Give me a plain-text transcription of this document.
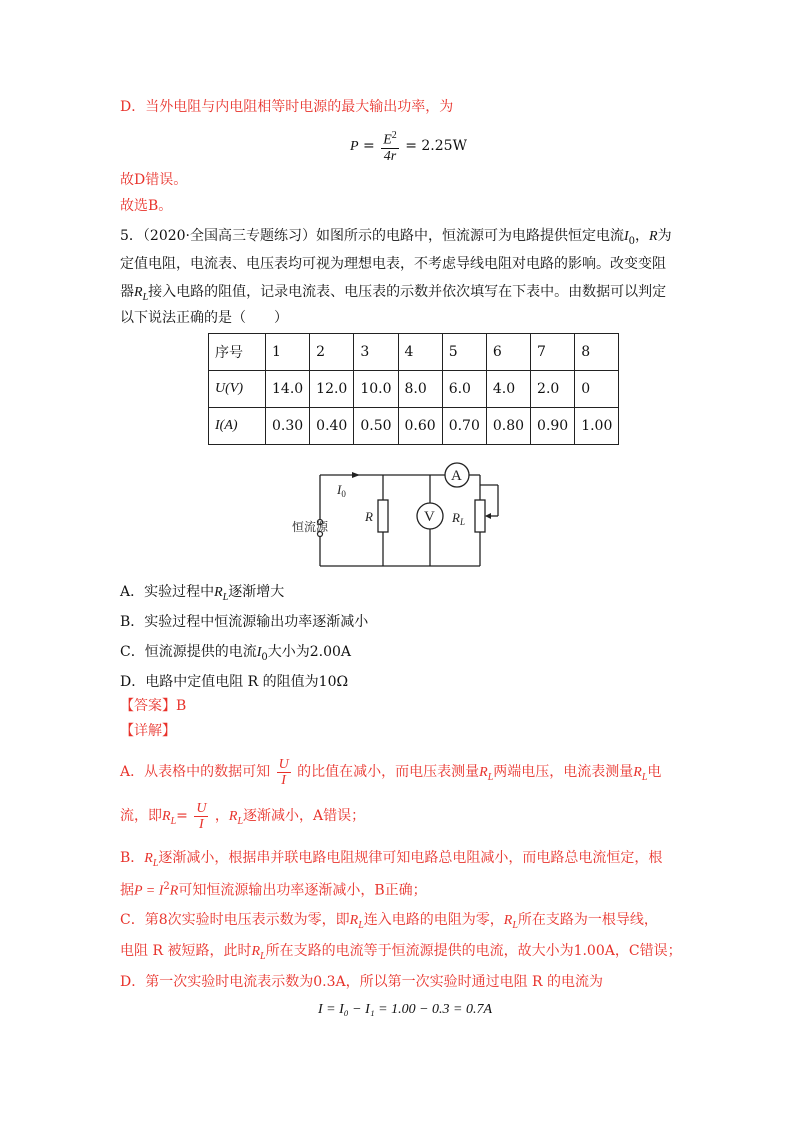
D．当外电阻与内电阻相等时电源的最大输出功率，为
$P = \frac{E^2}{4r} = 2.25W$
故D错误。
故选B。
5．（2020·全国高三专题练习）如图所示的电路中，恒流源可为电路提供恒定电流$I_0$，R为
定值电阻，电流表、电压表均可视为理想电表，不考虑导线电阻对电路的影响。改变变阻
器$R_L$接入电路的阻值，记录电流表、电压表的示数并依次填写在下表中。由数据可以判定
以下说法正确的是（　　）
序号	1	2	3	4	5	6	7	8
U(V)	14.0	12.0	10.0	8.0	6.0	4.0	2.0	0
I(A)	0.30	0.40	0.50	0.60	0.70	0.80	0.90	1.00
A
V
恒流源
$I_0$
R	$R_L$
A．实验过程中$R_L$逐渐增大
B．实验过程中恒流源输出功率逐渐减小
C．恒流源提供的电流$I_0$大小为2.00A
D．电路中定值电阻 R 的阻值为10Ω
【答案】B
【详解】
A．从表格中的数据可知 $\frac{U}{I}$ 的比值在减小，而电压表测量$R_L$两端电压，电流表测量$R_L$电
流，即$R_L= \frac{U}{I}$ ，$R_L$逐渐减小，A错误；
B．$R_L$逐渐减小，根据串并联电路电阻规律可知电路总电阻减小，而电路总电流恒定，根
据$P = I^2R$可知恒流源输出功率逐渐减小，B正确；
C．第8次实验时电压表示数为零，即$R_L$连入电路的电阻为零，$R_L$所在支路为一根导线，
电阻 R 被短路，此时$R_L$所在支路的电流等于恒流源提供的电流，故大小为1.00A，C错误；
D．第一次实验时电流表示数为0.3A，所以第一次实验时通过电阻 R 的电流为
I = I₀ − I₁ = 1.00 − 0.3 = 0.7A
